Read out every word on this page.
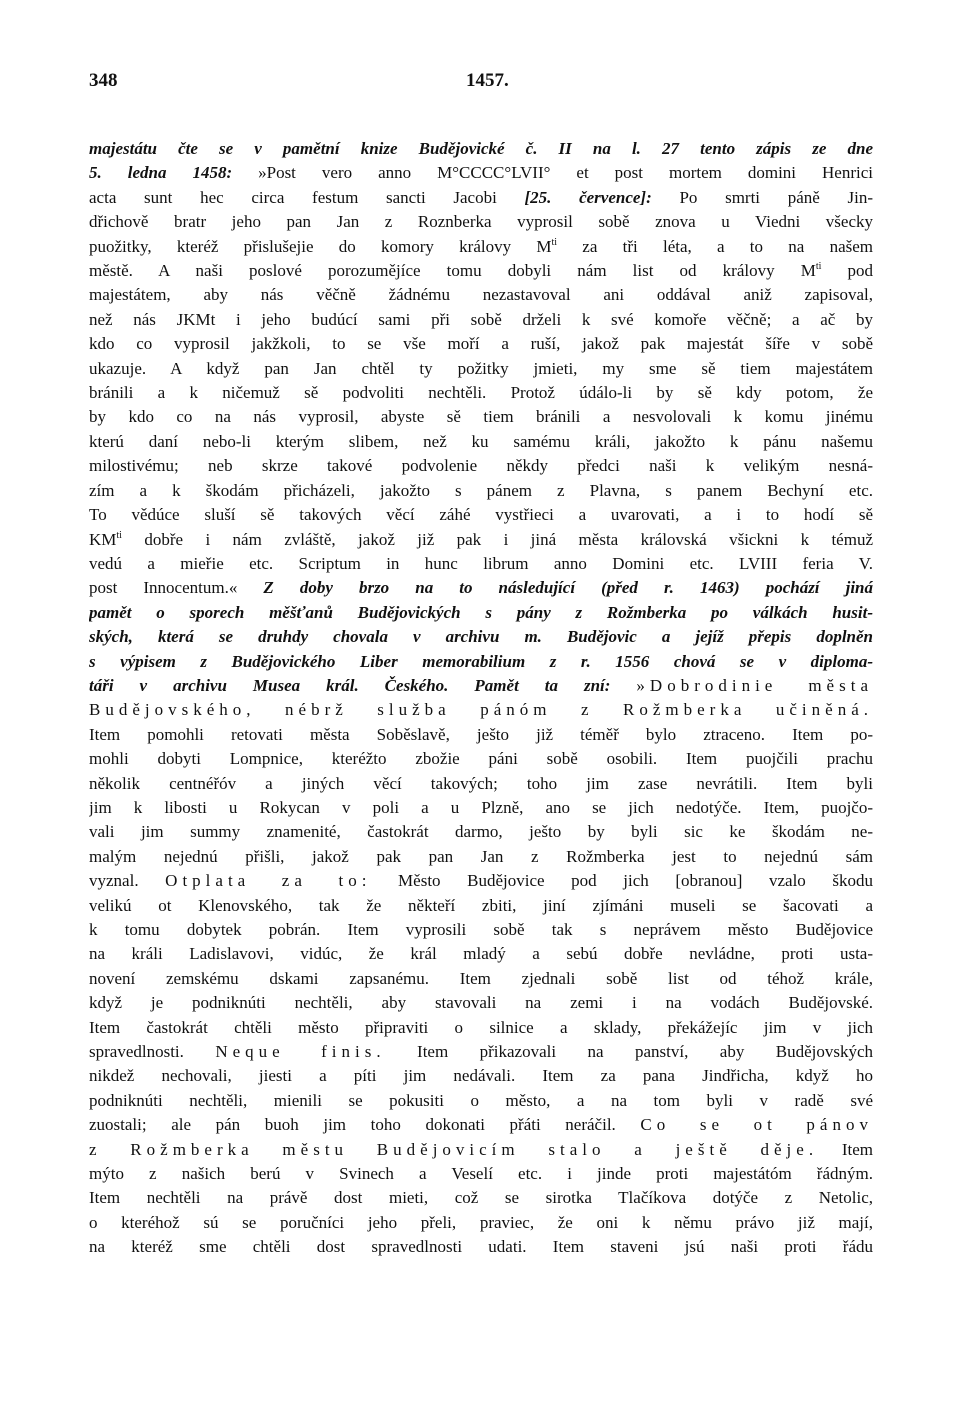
348	1457.
majestátu čte se v pamětní knize Budějovické č. II na l. 27 tento zápis ze dne
5. ledna 1458: »Post vero anno M°CCCC°LVII° et post mortem domini Henrici
acta sunt hec circa festum sancti Jacobi [25. července]: Po smrti páně Jin-
dřichově bratr jeho pan Jan z Roznberka vyprosil sobě znova u Viedni všecky
puožitky, kteréž přislušejie do komory královy $M^{ti}$ za tři léta, a to na našem
městě. A naši poslové porozumějíce tomu dobyli nám list od královy $M^{ti}$ pod
majestátem, aby nás věčně žádnému nezastavoval ani oddával aniž zapisoval,
než nás JKMt i jeho budúcí sami při sobě drželi k své komoře věčně; a ač by
kdo co vyprosil jakžkoli, to se vše moří a ruší, jakož pak majestát šíře v sobě
ukazuje. A když pan Jan chtěl ty požitky jmieti, my sme sě tiem majestátem
bránili a k ničemuž sě podvoliti nechtěli. Protož údálo-li by sě kdy potom, že
by kdo co na nás vyprosil, abyste sě tiem bránili a nesvolovali k komu jinému
kterú daní nebo-li kterým slibem, než ku samému králi, jakožto k pánu našemu
milostivému; neb skrze takové podvolenie někdy předci naši k velikým nesná-
zím a k škodám přicházeli, jakožto s pánem z Plavna, s panem Bechyní etc.
To vědúce sluší sě takových věcí záhé vystřieci a uvarovati, a i to hodí sě
$KM^{ti}$ dobře i nám zvláště, jakož již pak i jiná města královská všickni k témuž
vedú a mieřie etc. Scriptum in hunc librum anno Domini etc. LVIII feria V.
post Innocentum.« Z doby brzo na to následující (před r. 1463) pochází jiná
pamět o sporech měšťanů Budějovických s pány z Rožmberka po válkách husit-
ských, která se druhdy chovala v archivu m. Budějovic a jejíž přepis doplněn
s výpisem z Budějovického Liber memorabilium z r. 1556 chová se v diploma-
táři v archivu Musea král. Českého. Pamět ta zní: »Dobrodinie města
Budějovského, nébrž služba pánóm z Rožmberka učiněná.
Item pomohli retovati města Soběslavě, ješto již téměř bylo ztraceno. Item po-
mohli dobyti Lompnice, kteréžto zbožie páni sobě osobili. Item puojčili prachu
několik centnéřóv a jiných věcí takových; toho jim zase nevrátili. Item byli
jim k libosti u Rokycan v poli a u Plzně, ano se jich nedotýče. Item, puojčo-
vali jim summy znamenité, častokrát darmo, ješto by byli sic ke škodám ne-
malým nejednú přišli, jakož pak pan Jan z Rožmberka jest to nejednú sám
vyznal. Otplata za to: Město Budějovice pod jich [obranou] vzalo škodu
velikú ot Klenovského, tak že někteří zbiti, jiní zjímáni museli se šacovati a
k tomu dobytek pobrán. Item vyprosili sobě tak s neprávem město Budějovice
na králi Ladislavovi, vidúc, že král mladý a sebú dobře nevládne, proti usta-
novení zemskému dskami zapsanému. Item zjednali sobě list od téhož krále,
když je podniknúti nechtěli, aby stavovali na zemi i na vodách Budějovské.
Item častokrát chtěli město připraviti o silnice a sklady, překážejíc jim v jich
spravedlnosti. Neque finis. Item přikazovali na panství, aby Budějovských
nikdež nechovali, jiesti a píti jim nedávali. Item za pana Jindřicha, když ho
podniknúti nechtěli, mienili se pokusiti o město, a na tom byli v radě své
zuostali; ale pán buoh jim toho dokonati přáti neráčil. Co se ot pánov
z Rožmberka městu Budějovicím stalo a ještě děje. Item
mýto z našich berú v Svinech a Veselí etc. i jinde proti majestátóm řádným.
Item nechtěli na právě dost mieti, což se sirotka Tlačíkova dotýče z Netolic,
o kteréhož sú se poručníci jeho přeli, praviec, že oni k němu právo již mají,
na kteréž sme chtěli dost spravedlnosti udati. Item staveni jsú naši proti řádu
